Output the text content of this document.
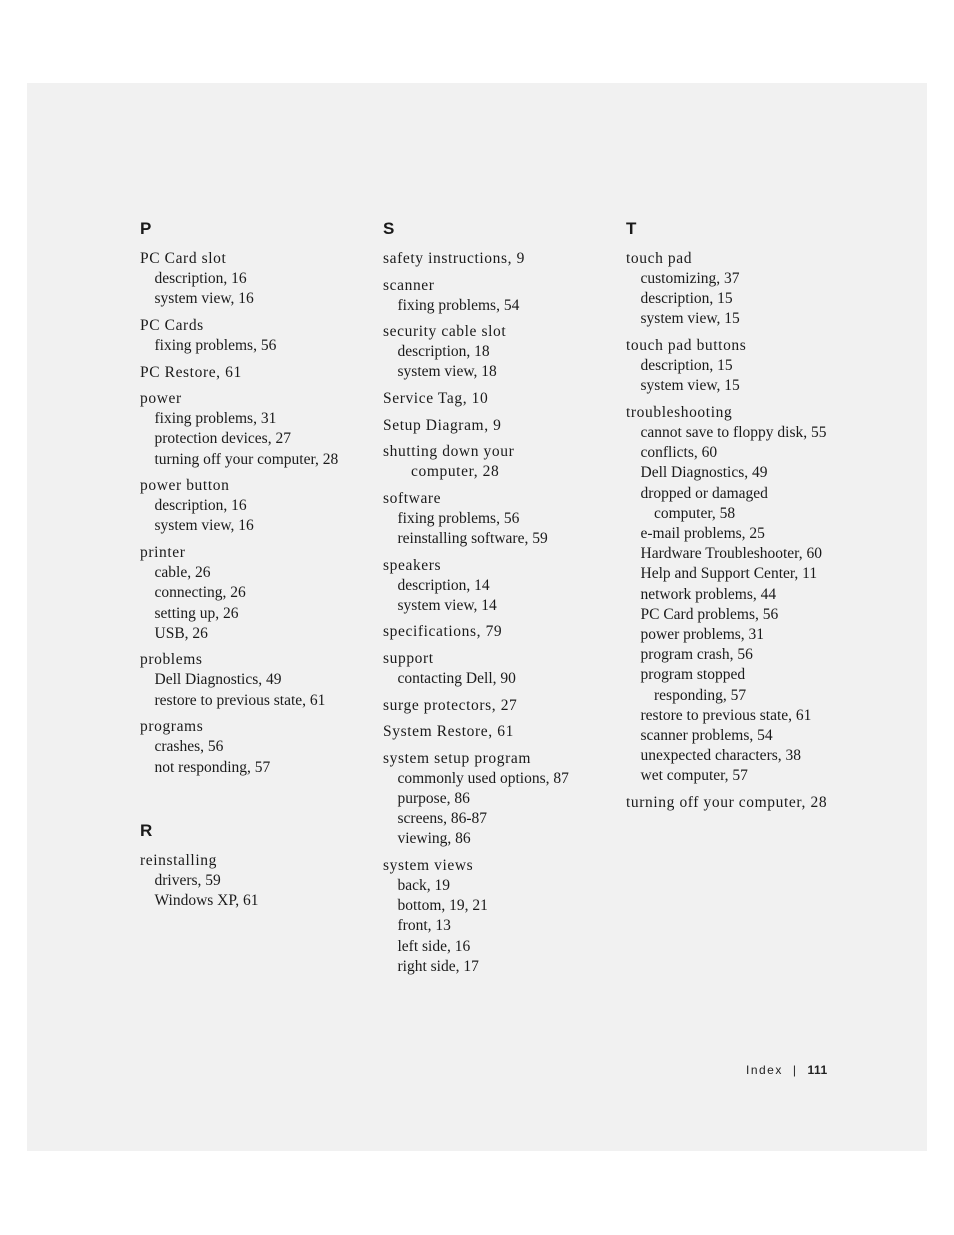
P
PC Card slot
description, 16
system view, 16
PC Cards
fixing problems, 56
PC Restore, 61
power
fixing problems, 31
protection devices, 27
turning off your computer, 28
power button
description, 16
system view, 16
printer
cable, 26
connecting, 26
setting up, 26
USB, 26
problems
Dell Diagnostics, 49
restore to previous state, 61
programs
crashes, 56
not responding, 57
R
reinstalling
drivers, 59
Windows XP, 61
S
safety instructions, 9
scanner
fixing problems, 54
security cable slot
description, 18
system view, 18
Service Tag, 10
Setup Diagram, 9
shutting down your
computer, 28
software
fixing problems, 56
reinstalling software, 59
speakers
description, 14
system view, 14
specifications, 79
support
contacting Dell, 90
surge protectors, 27
System Restore, 61
system setup program
commonly used options, 87
purpose, 86
screens, 86-87
viewing, 86
system views
back, 19
bottom, 19, 21
front, 13
left side, 16
right side, 17
T
touch pad
customizing, 37
description, 15
system view, 15
touch pad buttons
description, 15
system view, 15
troubleshooting
cannot save to floppy disk, 55
conflicts, 60
Dell Diagnostics, 49
dropped or damaged
computer, 58
e-mail problems, 25
Hardware Troubleshooter, 60
Help and Support Center, 11
network problems, 44
PC Card problems, 56
power problems, 31
program crash, 56
program stopped
responding, 57
restore to previous state, 61
scanner problems, 54
unexpected characters, 38
wet computer, 57
turning off your computer, 28
Index | 111
